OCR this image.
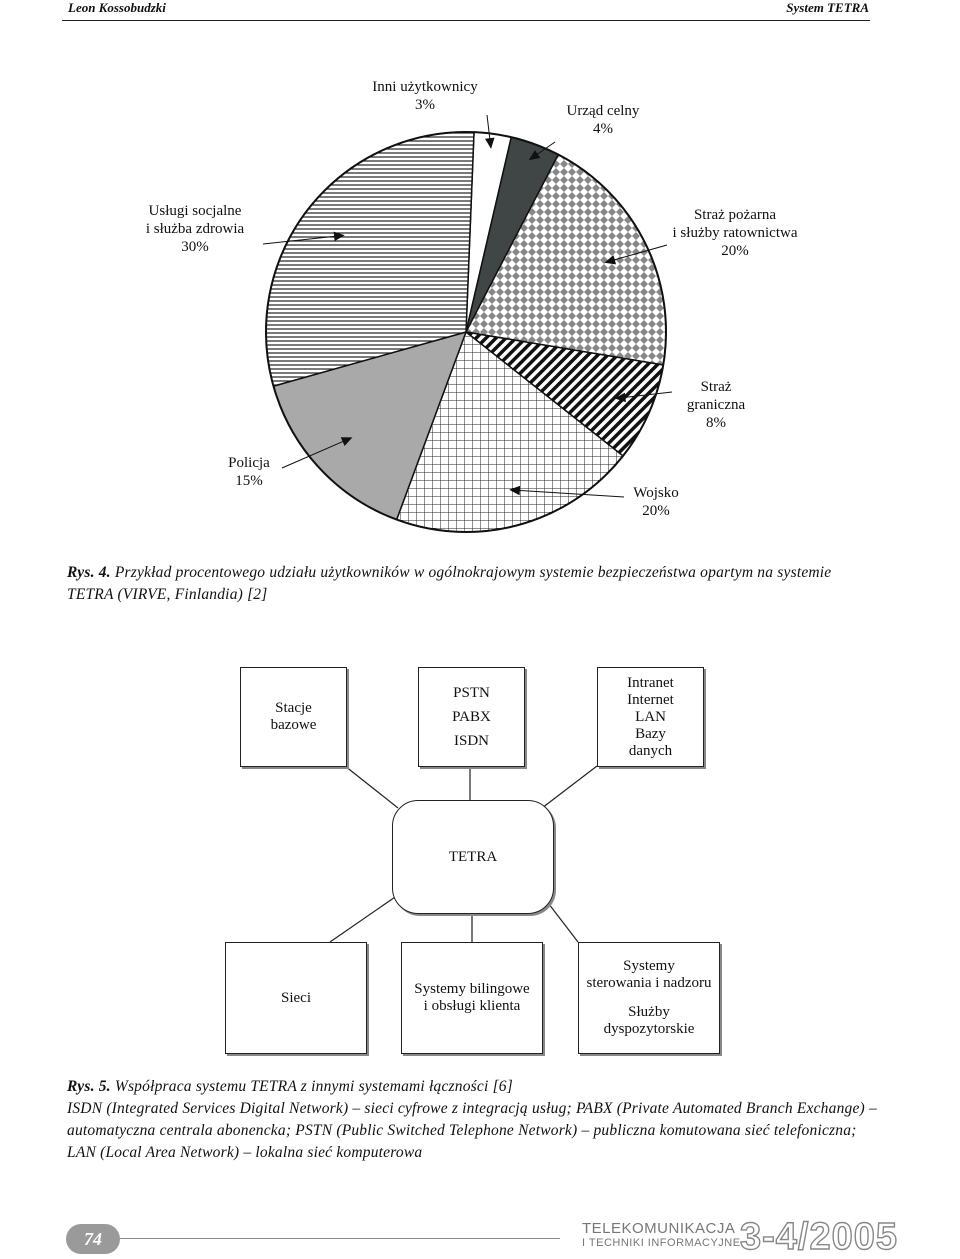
Leon Kossobudzki	System TETRA
Inni użytkownicy
3%	Urząd celny
4%
Straż pożarna
i służby ratownictwa
20%
Straż
graniczna
8%
Wojsko
20%
Policja
15%
Usługi socjalne
i służba zdrowia
30%
Rys. 4. Przykład procentowego udziału użytkowników w ogólnokrajowym systemie bezpieczeństwa opartym na systemie TETRA (VIRVE, Finlandia) [2]
Stacje
bazowe
PSTN
PABX
ISDN
Intranet
Internet
LAN
Bazy
danych
TETRA
Sieci
Systemy bilingowe
i obsługi klienta
Systemy
sterowania i nadzoru
Służby
dyspozytorskie
Rys. 5. Współpraca systemu TETRA z innymi systemami łączności [6]
ISDN (Integrated Services Digital Network) – sieci cyfrowe z integracją usług; PABX (Private Automated Branch Exchange) – automatyczna centrala abonencka; PSTN (Public Switched Telephone Network) – publiczna komutowana sieć telefoniczna; LAN (Local Area Network) – lokalna sieć komputerowa
74
TELEKOMUNIKACJA
I TECHNIKI INFORMACYJNE 3-4/2005
